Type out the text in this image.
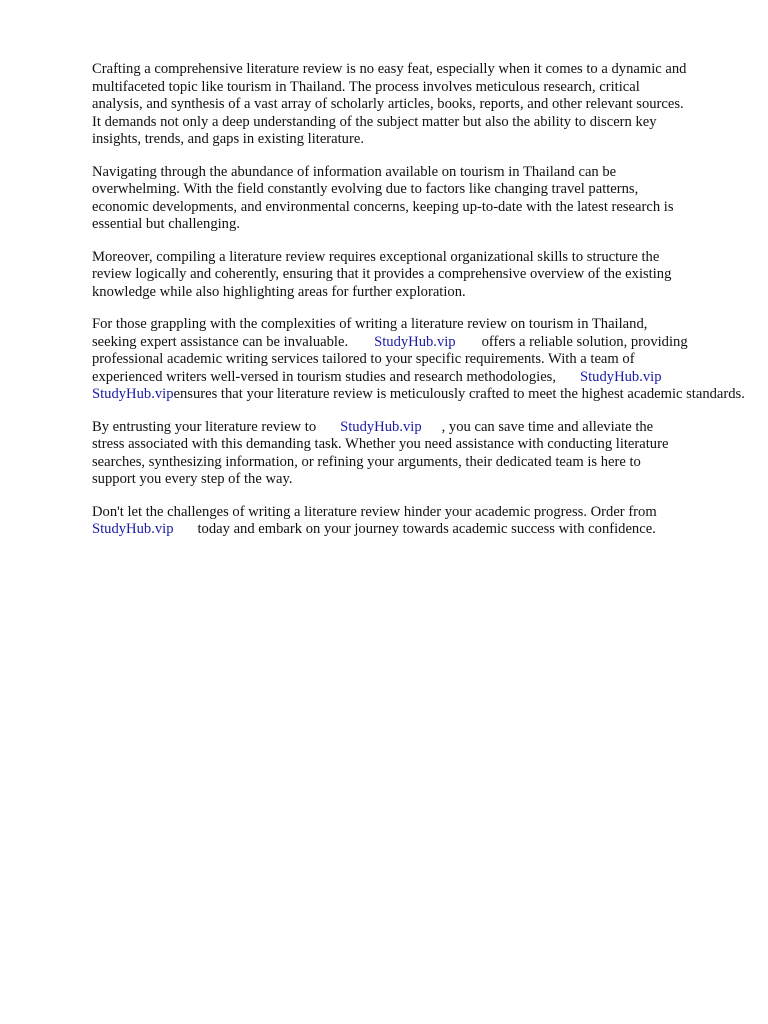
Crafting a comprehensive literature review is no easy feat, especially when it comes to a dynamic and
multifaceted topic like tourism in Thailand. The process involves meticulous research, critical
analysis, and synthesis of a vast array of scholarly articles, books, reports, and other relevant sources.
It demands not only a deep understanding of the subject matter but also the ability to discern key
insights, trends, and gaps in existing literature.

Navigating through the abundance of information available on tourism in Thailand can be
overwhelming. With the field constantly evolving due to factors like changing travel patterns,
economic developments, and environmental concerns, keeping up-to-date with the latest research is
essential but challenging.

Moreover, compiling a literature review requires exceptional organizational skills to structure the
review logically and coherently, ensuring that it provides a comprehensive overview of the existing
knowledge while also highlighting areas for further exploration.

For those grappling with the complexities of writing a literature review on tourism in Thailand,
seeking expert assistance can be invaluable. StudyHub.vip offers a reliable solution, providing
professional academic writing services tailored to your specific requirements. With a team of
experienced writers well-versed in tourism studies and research methodologies, StudyHub.vip
StudyHub.vipensures that your literature review is meticulously crafted to meet the highest academic standards.

By entrusting your literature review to StudyHub.vip , you can save time and alleviate the
stress associated with this demanding task. Whether you need assistance with conducting literature
searches, synthesizing information, or refining your arguments, their dedicated team is here to
support you every step of the way.

Don't let the challenges of writing a literature review hinder your academic progress. Order from
StudyHub.vip today and embark on your journey towards academic success with confidence.
